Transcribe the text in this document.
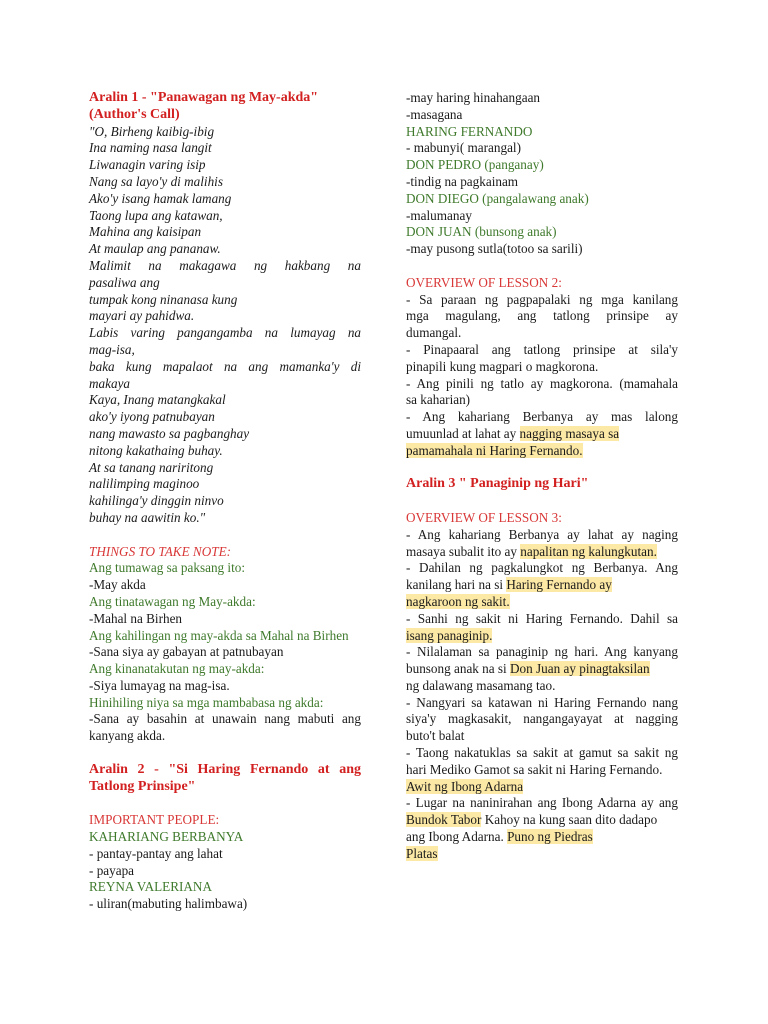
Aralin 1 - "Panawagan ng May-akda"

(Author's Call)

"O, Birheng kaibig-ibig

Ina naming nasa langit

Liwanagin varing isip

Nang sa layo'y di malihis

Ako'y isang hamak lamang

Taong lupa ang katawan,

Mahina ang kaisipan

At maulap ang pananaw.

Malimit na makagawa ng hakbang na

pasaliwa ang

tumpak kong ninanasa kung

mayari ay pahidwa.

Labis varing pangangamba na lumayag na

mag-isa,

baka kung mapalaot na ang mamanka'y di

makaya

Kaya, Inang matangkakal

ako'y iyong patnubayan

nang mawasto sa pagbanghay

nitong kakathaing buhay.

At sa tanang nariritong

nalilimping maginoo

kahilinga'y dinggin ninvo

buhay na aawitin ko."

THINGS TO TAKE NOTE:

Ang tumawag sa paksang ito:

-May akda

Ang tinatawagan ng May-akda:

-Mahal na Birhen

Ang kahilingan ng may-akda sa Mahal na Birhen

-Sana siya ay gabayan at patnubayan

Ang kinanatakutan ng may-akda:

-Siya lumayag na mag-isa.

Hinihiling niya sa mga mambabasa ng akda:

-Sana ay basahin at unawain nang mabuti ang

kanyang akda.

Aralin 2 - "Si Haring Fernando at ang

Tatlong Prinsipe"

IMPORTANT PEOPLE:

KAHARIANG BERBANYA

- pantay-pantay ang lahat

- payapa

REYNA VALERIANA

- uliran(mabuting halimbawa)

-may haring hinahangaan

-masagana

HARING FERNANDO

- mabunyi( marangal)

DON PEDRO (panganay)

-tindig na pagkainam

DON DIEGO (pangalawang anak)

-malumanay

DON JUAN (bunsong anak)

-may pusong sutla(totoo sa sarili)

OVERVIEW OF LESSON 2:

- Sa paraan ng pagpapalaki ng mga kanilang

mga magulang, ang tatlong prinsipe ay

dumangal.

- Pinapaaral ang tatlong prinsipe at sila'y

pinapili kung magpari o magkorona.

- Ang pinili ng tatlo ay magkorona. (mamahala

sa kaharian)

- Ang kahariang Berbanya ay mas lalong

umuunlad at lahat ay nagging masaya sa

pamamahala ni Haring Fernando.

Aralin 3 " Panaginip ng Hari"

OVERVIEW OF LESSON 3:

- Ang kahariang Berbanya ay lahat ay naging

masaya subalit ito ay napalitan ng kalungkutan.

- Dahilan ng pagkalungkot ng Berbanya. Ang

kanilang hari na si Haring Fernando ay

nagkaroon ng sakit.

- Sanhi ng sakit ni Haring Fernando. Dahil sa

isang panaginip.

- Nilalaman sa panaginip ng hari. Ang kanyang

bunsong anak na si Don Juan ay pinagtaksilan

ng dalawang masamang tao.

- Nangyari sa katawan ni Haring Fernando nang

siya'y magkasakit, nangangayayat at nagging

buto't balat

- Taong nakatuklas sa sakit at gamut sa sakit ng

hari Mediko Gamot sa sakit ni Haring Fernando.

Awit ng Ibong Adarna

- Lugar na naninirahan ang Ibong Adarna ay ang

Bundok Tabor Kahoy na kung saan dito dadapo

ang Ibong Adarna. Puno ng Piedras

Platas
